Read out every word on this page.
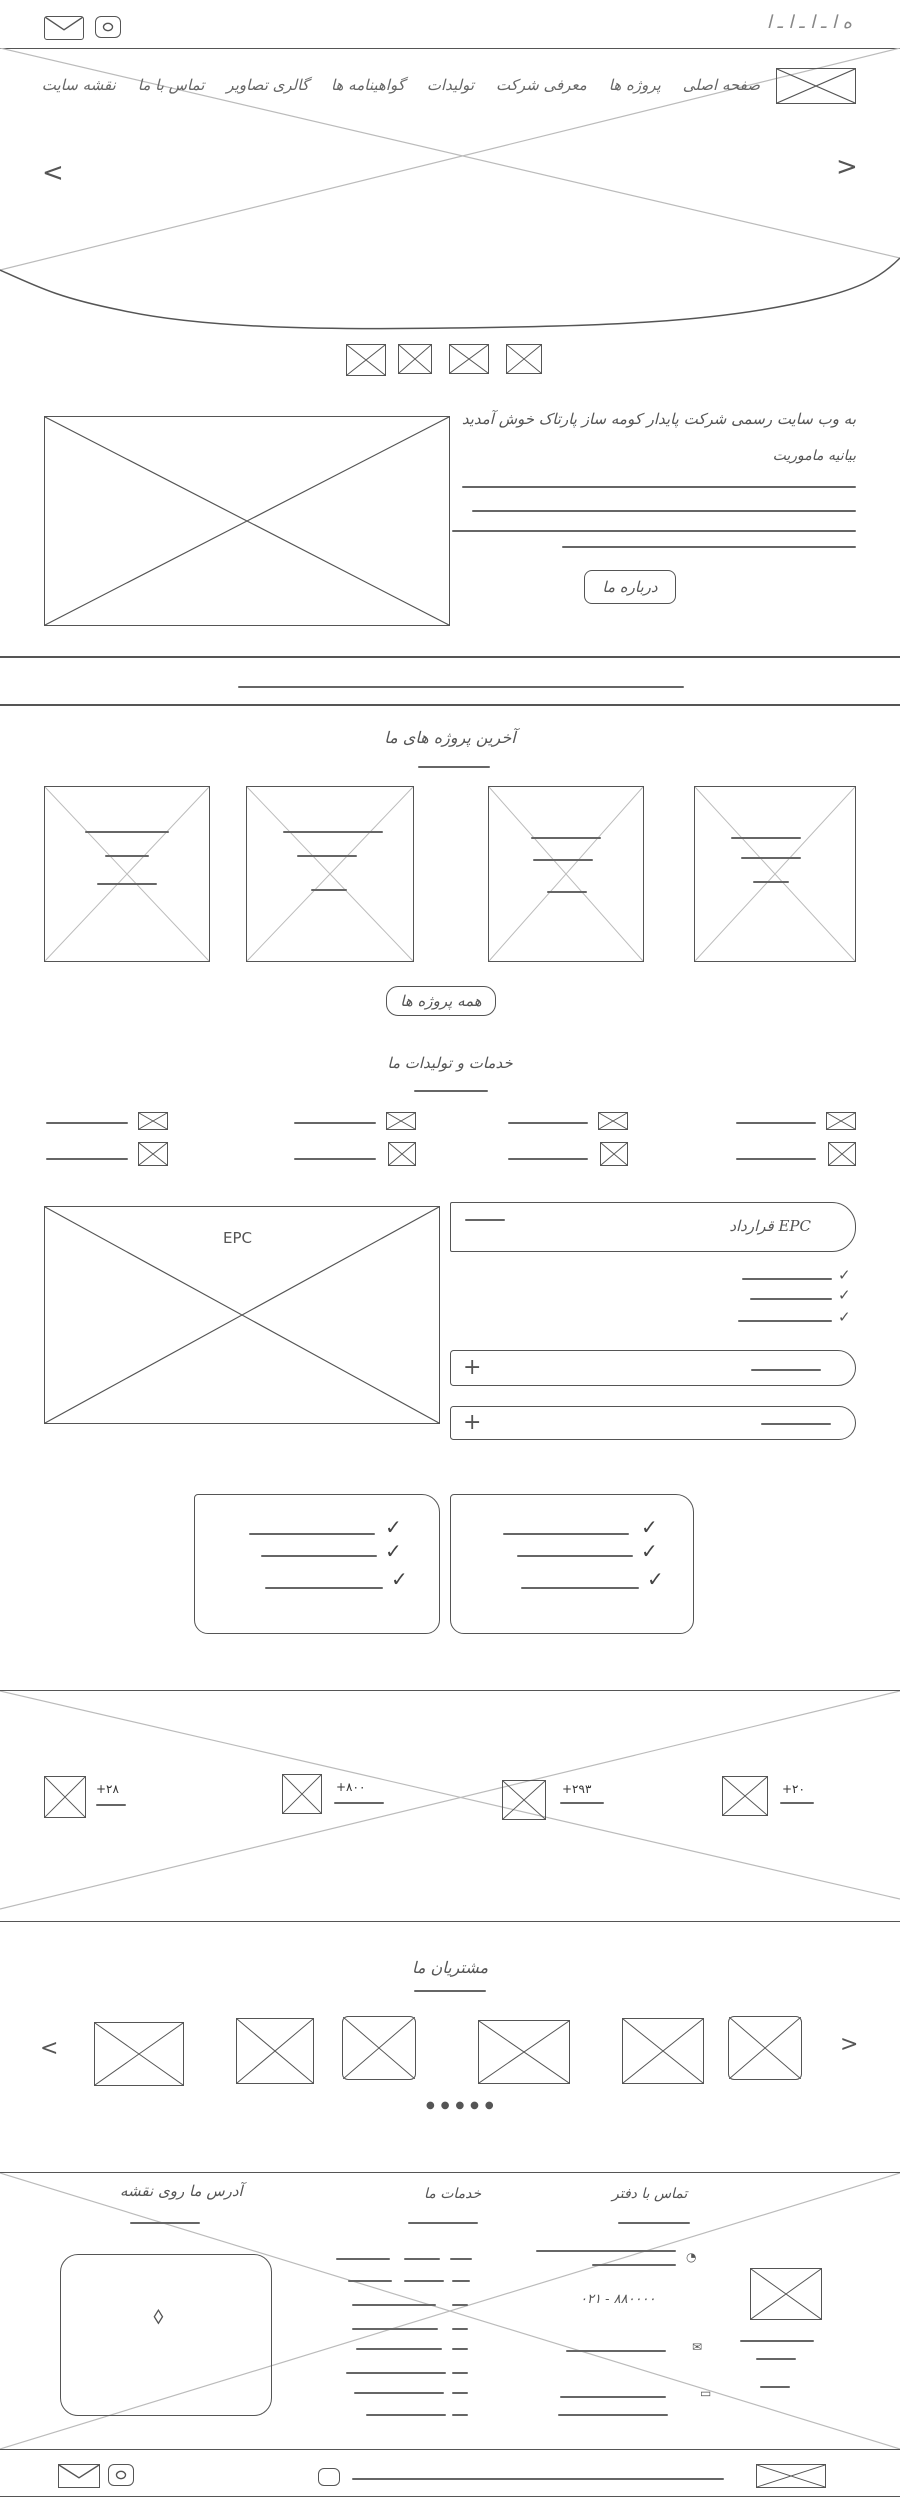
ه ا ـ ا ـ ا ـ ا
صفحه اصلی
پروژه ها
معرفی شرکت
تولیدات
گواهینامه ها
گالری تصاویر
تماس با ما
نقشه سایت
<	>
به وب سایت رسمی شرکت پایدار کومه ساز پارتاک خوش آمدید
بیانیه ماموریت
درباره ما
آخرین پروژه های ما
همه پروژه ها
خدمات و تولیدات ما
EPC
قرارداد EPC
✓
✓
✓
+
+
✓
✓
✓
✓
✓
✓
+۲۸	+۸۰۰	+۲۹۳	+۲۰
مشتریان ما
<	>
●●●●●
آدرس ما روی نقشه	خدمات ما	تماس با دفتر
⬨
◔
۰۲۱ - ۸۸۰۰۰۰
✉
▭
